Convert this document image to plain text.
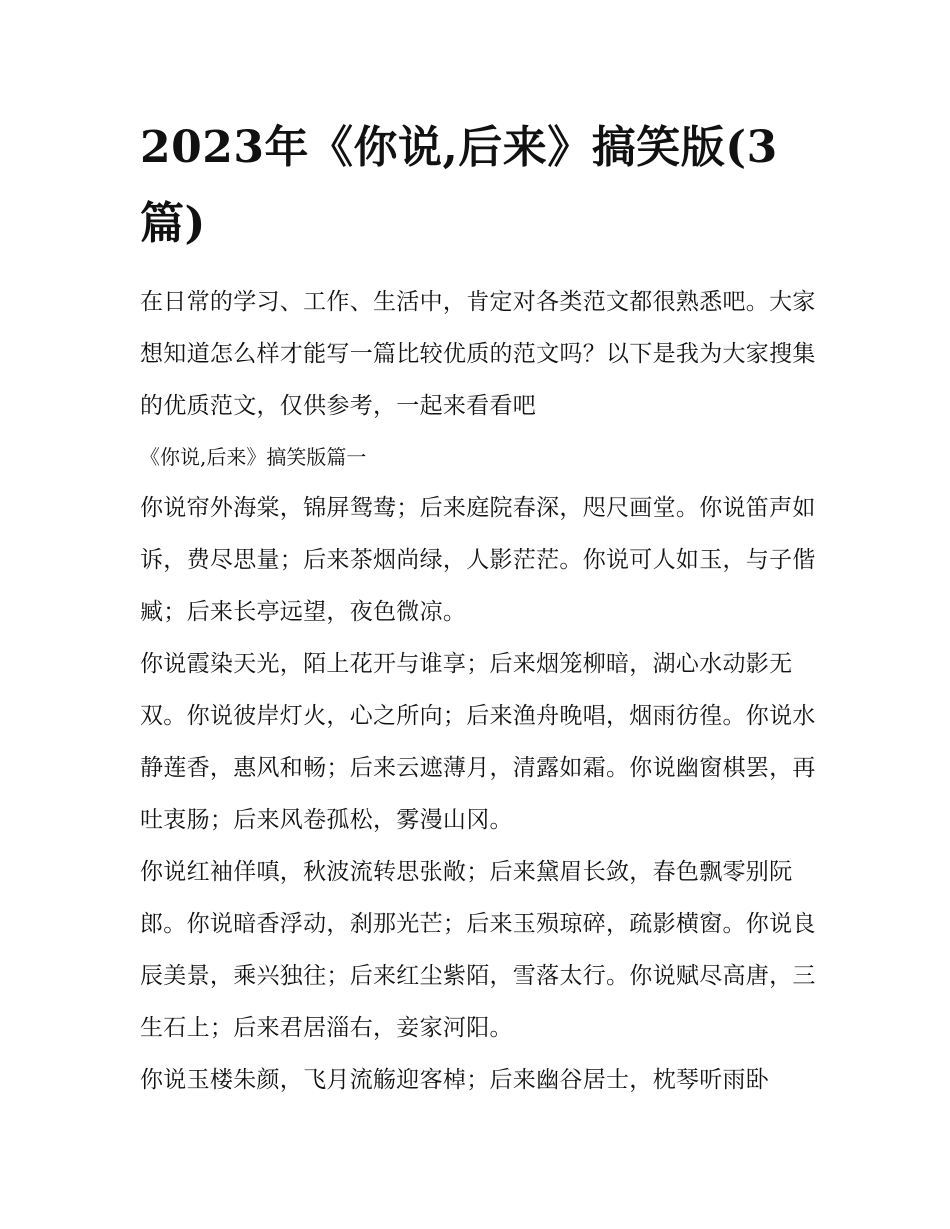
2023年《你说,后来》搞笑版(3篇)

在日常的学习、工作、生活中，肯定对各类范文都很熟悉吧。大家想知道怎么样才能写一篇比较优质的范文吗？以下是我为大家搜集的优质范文，仅供参考，一起来看看吧

《你说,后来》搞笑版篇一

你说帘外海棠，锦屏鸳鸯；后来庭院春深，咫尺画堂。你说笛声如诉，费尽思量；后来茶烟尚绿，人影茫茫。你说可人如玉，与子偕臧；后来长亭远望，夜色微凉。

你说霞染天光，陌上花开与谁享；后来烟笼柳暗，湖心水动影无双。你说彼岸灯火，心之所向；后来渔舟晚唱，烟雨彷徨。你说水静莲香，惠风和畅；后来云遮薄月，清露如霜。你说幽窗棋罢，再吐衷肠；后来风卷孤松，雾漫山冈。

你说红袖佯嗔，秋波流转思张敞；后来黛眉长敛，春色飘零别阮郎。你说暗香浮动，刹那光芒；后来玉殒琼碎，疏影横窗。你说良辰美景，乘兴独往；后来红尘紫陌，雪落太行。你说赋尽高唐，三生石上；后来君居淄右，妾家河阳。

你说玉楼朱颜，飞月流觞迎客棹；后来幽谷居士，枕琴听雨卧
